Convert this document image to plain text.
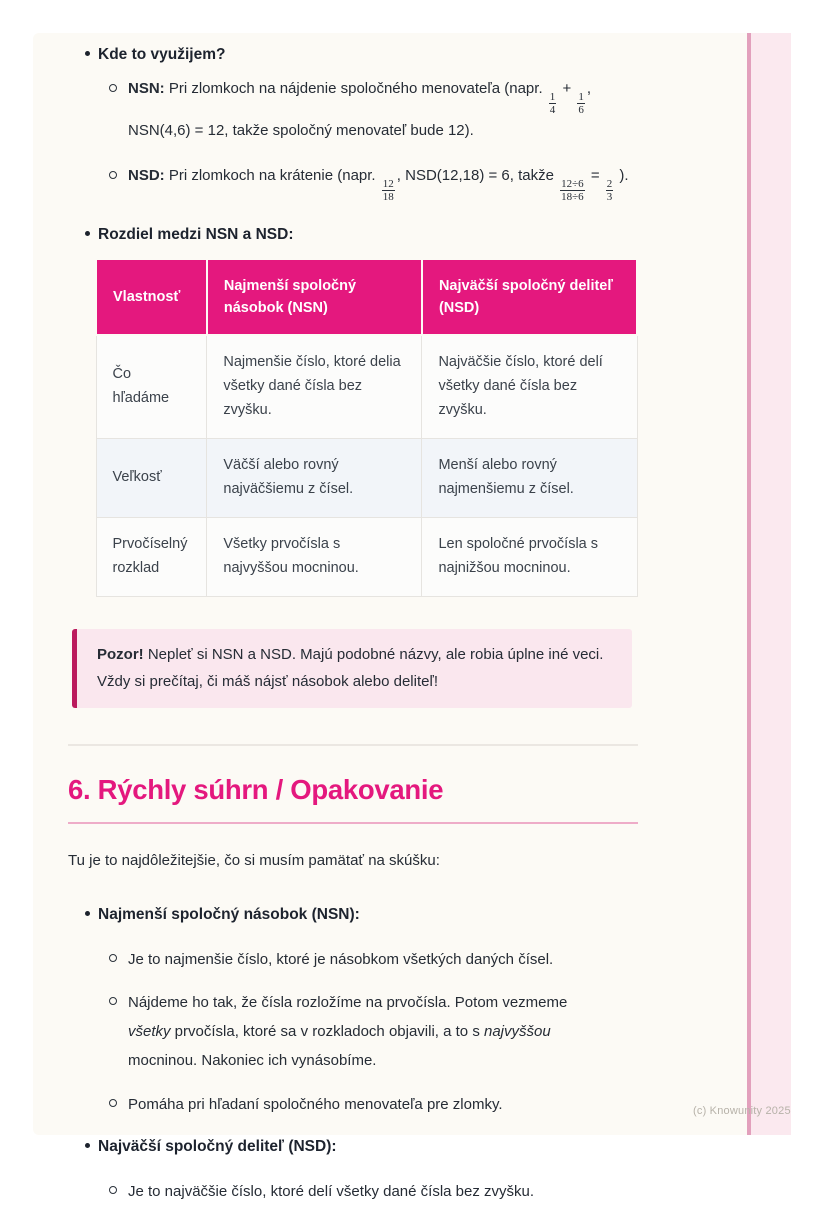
Kde to využijem?
NSN: Pri zlomkoch na nájdenie spoločného menovateľa (napr.
$\frac{1}{4}$
+
$\frac{1}{6}$
, NSN(4,6) = 12, takže spoločný menovateľ bude 12).
NSD: Pri zlomkoch na krátenie (napr.
$\frac{12}{18}$
, NSD(12,18) = 6, takže
$\frac{12\div 6}{18\div 6}$
=
$\frac{2}{3}$
).
Rozdiel medzi NSN a NSD:
Vlastnosť	Najmenší spoločný násobok (NSN)	Najväčší spoločný deliteľ (NSD)
Čo hľadáme	Najmenšie číslo, ktoré delia všetky dané čísla bez zvyšku.	Najväčšie číslo, ktoré delí všetky dané čísla bez zvyšku.
Veľkosť	Väčší alebo rovný najväčšiemu z čísel.	Menší alebo rovný najmenšiemu z čísel.
Prvočíselný rozklad	Všetky prvočísla s najvyššou mocninou.	Len spoločné prvočísla s najnižšou mocninou.

Pozor! Nepleť si NSN a NSD. Majú podobné názvy, ale robia úplne iné veci. Vždy si prečítaj, či máš nájsť násobok alebo deliteľ!

6. Rýchly súhrn / Opakovanie

Tu je to najdôležitejšie, čo si musím pamätať na skúšku:

Najmenší spoločný násobok (NSN):
Je to najmenšie číslo, ktoré je násobkom všetkých daných čísel.
Nájdeme ho tak, že čísla rozložíme na prvočísla. Potom vezmeme všetky prvočísla, ktoré sa v rozkladoch objavili, a to s najvyššou mocninou. Nakoniec ich vynásobíme.
Pomáha pri hľadaní spoločného menovateľa pre zlomky.
Najväčší spoločný deliteľ (NSD):
Je to najväčšie číslo, ktoré delí všetky dané čísla bez zvyšku.
(c) Knowunity 2025
